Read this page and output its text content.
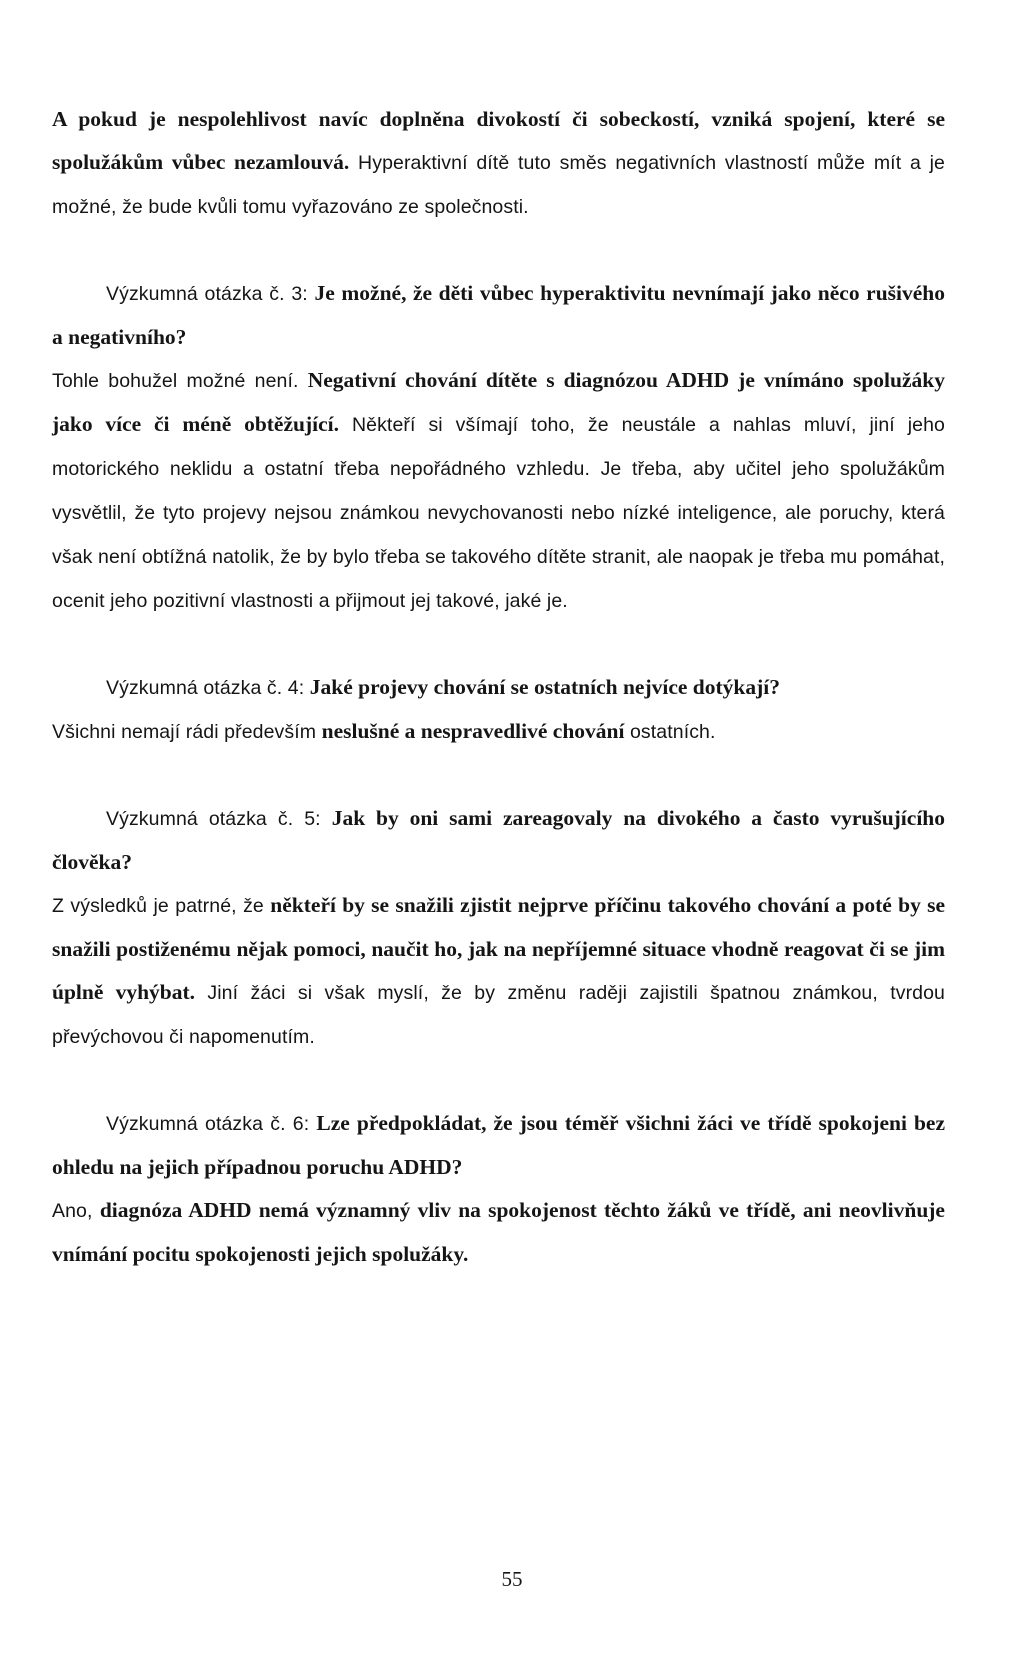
A pokud je nespolehlivost navíc doplněna divokostí či sobeckostí, vzniká spojení, které se spolužákům vůbec nezamlouvá. Hyperaktivní dítě tuto směs negativních vlastností může mít a je možné, že bude kvůli tomu vyřazováno ze společnosti.

Výzkumná otázka č. 3: Je možné, že děti vůbec hyperaktivitu nevnímají jako něco rušivého a negativního?

Tohle bohužel možné není. Negativní chování dítěte s diagnózou ADHD je vnímáno spolužáky jako více či méně obtěžující. Někteří si všímají toho, že neustále a nahlas mluví, jiní jeho motorického neklidu a ostatní třeba nepořádného vzhledu. Je třeba, aby učitel jeho spolužákům vysvětlil, že tyto projevy nejsou známkou nevychovanosti nebo nízké inteligence, ale poruchy, která však není obtížná natolik, že by bylo třeba se takového dítěte stranit, ale naopak je třeba mu pomáhat, ocenit jeho pozitivní vlastnosti a přijmout jej takové, jaké je.

Výzkumná otázka č. 4: Jaké projevy chování se ostatních nejvíce dotýkají?

Všichni nemají rádi především neslušné a nespravedlivé chování ostatních.

Výzkumná otázka č. 5: Jak by oni sami zareagovaly na divokého a často vyrušujícího člověka?

Z výsledků je patrné, že někteří by se snažili zjistit nejprve příčinu takového chování a poté by se snažili postiženému nějak pomoci, naučit ho, jak na nepříjemné situace vhodně reagovat či se jim úplně vyhýbat. Jiní žáci si však myslí, že by změnu raději zajistili špatnou známkou, tvrdou převýchovou či napomenutím.

Výzkumná otázka č. 6: Lze předpokládat, že jsou téměř všichni žáci ve třídě spokojeni bez ohledu na jejich případnou poruchu ADHD?

Ano, diagnóza ADHD nemá významný vliv na spokojenost těchto žáků ve třídě, ani neovlivňuje vnímání pocitu spokojenosti jejich spolužáky.

55
